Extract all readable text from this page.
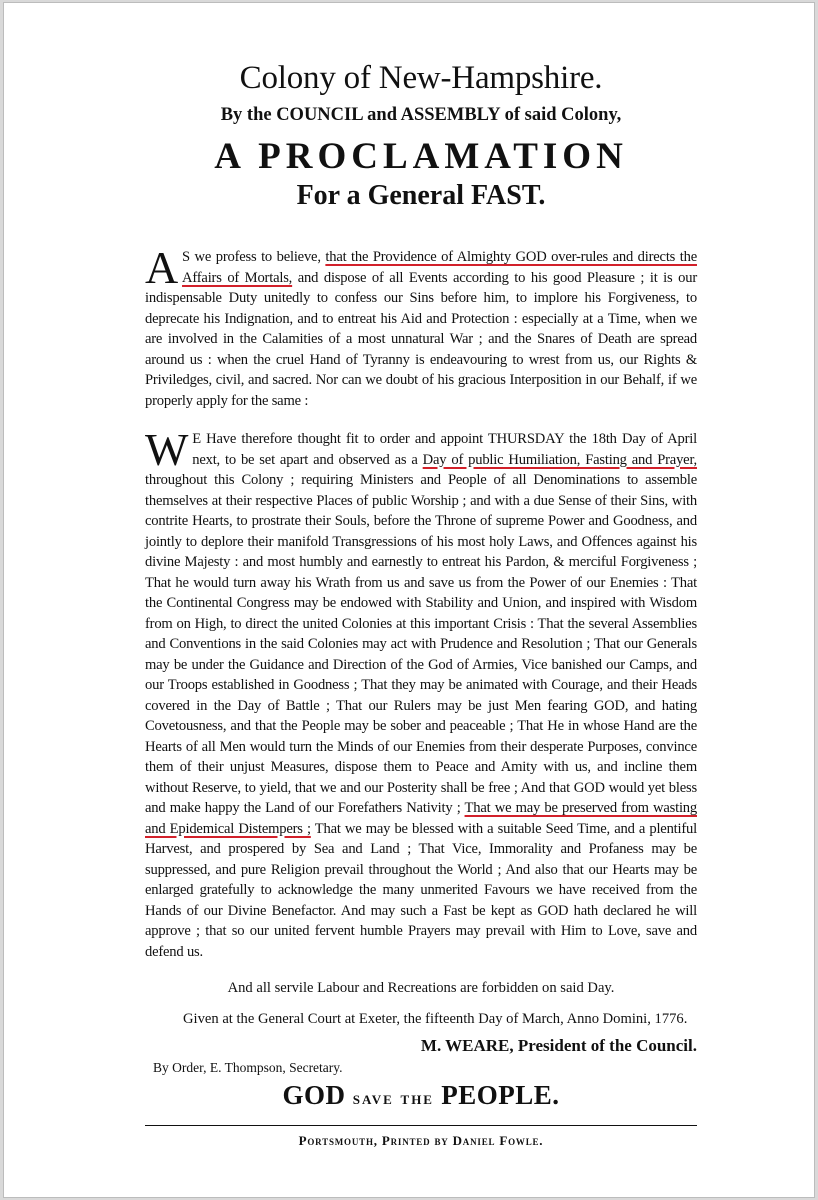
Colony of New-Hampshire.
By the COUNCIL and ASSEMBLY of said Colony,
A PROCLAMATION
For a General FAST.
A S we profess to believe, that the Providence of Almighty GOD over-rules and directs the Affairs of Mortals, and dispose of all Events according to his good Pleasure ; it is our indispensable Duty unitedly to confess our Sins before him, to implore his Forgiveness, to deprecate his Indignation, and to entreat his Aid and Protection : especially at a Time, when we are involved in the Calamities of a most unnatural War ; and the Snares of Death are spread around us : when the cruel Hand of Tyranny is endeavouring to wrest from us, our Rights & Priviledges, civil, and sacred. Nor can we doubt of his gracious Interposition in our Behalf, if we properly apply for the same :
W E Have therefore thought fit to order and appoint THURSDAY the 18th Day of April next, to be set apart and observed as a Day of public Humiliation, Fasting and Prayer, throughout this Colony ; requiring Ministers and People of all Denominations to assemble themselves at their respective Places of public Worship ; and with a due Sense of their Sins, with contrite Hearts, to prostrate their Souls, before the Throne of supreme Power and Goodness, and jointly to deplore their manifold Transgressions of his most holy Laws, and Offences against his divine Majesty : and most humbly and earnestly to entreat his Pardon, & merciful Forgiveness ; That he would turn away his Wrath from us and save us from the Power of our Enemies : That the Continental Congress may be endowed with Stability and Union, and inspired with Wisdom from on High, to direct the united Colonies at this important Crisis : That the several Assemblies and Conventions in the said Colonies may act with Prudence and Resolution ; That our Generals may be under the Guidance and Direction of the God of Armies, Vice banished our Camps, and our Troops established in Goodness ; That they may be animated with Courage, and their Heads covered in the Day of Battle ; That our Rulers may be just Men fearing GOD, and hating Covetousness, and that the People may be sober and peaceable ; That He in whose Hand are the Hearts of all Men would turn the Minds of our Enemies from their desperate Purposes, convince them of their unjust Measures, dispose them to Peace and Amity with us, and incline them without Reserve, to yield, that we and our Posterity shall be free ; And that GOD would yet bless and make happy the Land of our Forefathers Nativity ; That we may be preserved from wasting and Epidemical Distempers ; That we may be blessed with a suitable Seed Time, and a plentiful Harvest, and prospered by Sea and Land ; That Vice, Immorality and Profaness may be suppressed, and pure Religion prevail throughout the World ; And also that our Hearts may be enlarged gratefully to acknowledge the many unmerited Favours we have received from the Hands of our Divine Benefactor. And may such a Fast be kept as GOD hath declared he will approve ; that so our united fervent humble Prayers may prevail with Him to Love, save and defend us.
And all servile Labour and Recreations are forbidden on said Day.
Given at the General Court at Exeter, the fifteenth Day of March, Anno Domini, 1776.
M. WEARE, President of the Council.
By Order, E. Thompson, Secretary.
GOD save the PEOPLE.
Portsmouth, Printed by Daniel Fowle.
